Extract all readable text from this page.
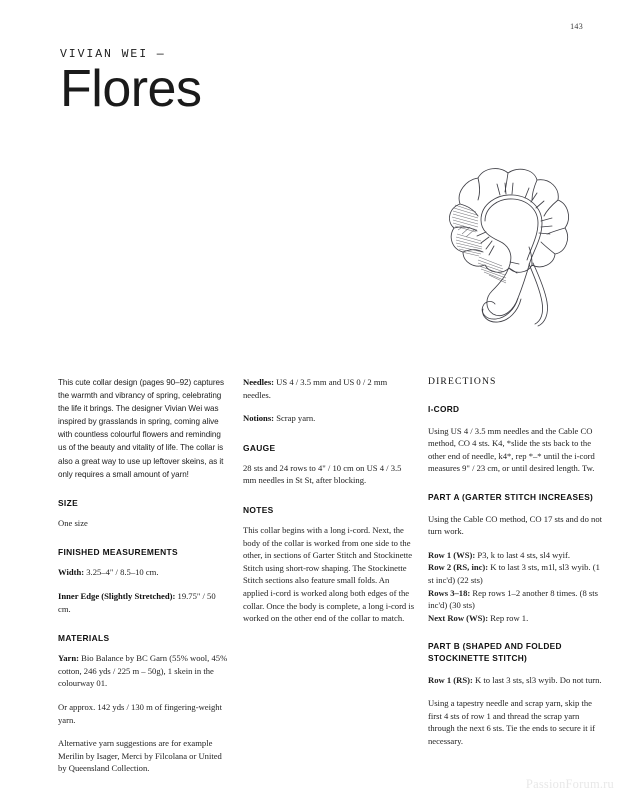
143

VIVIAN WEI —

Flores

This cute collar design (pages 90–92) captures the warmth and vibrancy of spring, celebrating the life it brings. The designer Vivian Wei was inspired by grasslands in spring, coming alive with countless colourful flowers and reminding us of the beauty and vitality of life. The collar is also a great way to use up leftover skeins, as it only requires a small amount of yarn!

SIZE

One size

FINISHED MEASUREMENTS

Width: 3.25–4" / 8.5–10 cm.

Inner Edge (Slightly Stretched): 19.75" / 50 cm.

MATERIALS

Yarn: Bio Balance by BC Garn (55% wool, 45% cotton, 246 yds / 225 m – 50g), 1 skein in the colourway 01.

Or approx. 142 yds / 130 m of fingering-weight yarn.

Alternative yarn suggestions are for example Merilin by Isager, Merci by Filcolana or United by Queensland Collection.

Needles: US 4 / 3.5 mm and US 0 / 2 mm needles.

Notions: Scrap yarn.

GAUGE

28 sts and 24 rows to 4" / 10 cm on US 4 / 3.5 mm needles in St St, after blocking.

NOTES

This collar begins with a long i-cord. Next, the body of the collar is worked from one side to the other, in sections of Garter Stitch and Stockinette Stitch using short-row shaping. The Stockinette Stitch sections also feature small folds. An applied i-cord is worked along both edges of the collar. Once the body is complete, a long i-cord is worked on the other end of the collar to match.

DIRECTIONS
I-CORD

Using US 4 / 3.5 mm needles and the Cable CO method, CO 4 sts. K4, *slide the sts back to the other end of needle, k4*, rep *–* until the i-cord measures 9" / 23 cm, or until desired length. Tw.

PART A (GARTER STITCH INCREASES)

Using the Cable CO method, CO 17 sts and do not turn work.

Row 1 (WS): P3, k to last 4 sts, sl4 wyif.
Row 2 (RS, inc): K to last 3 sts, m1l, sl3 wyib. (1 st inc'd) (22 sts)
Rows 3–18: Rep rows 1–2 another 8 times. (8 sts inc'd) (30 sts)
Next Row (WS): Rep row 1.
PART B (SHAPED AND FOLDED STOCKINETTE STITCH)
Row 1 (RS): K to last 3 sts, sl3 wyib. Do not turn.

Using a tapestry needle and scrap yarn, skip the first 4 sts of row 1 and thread the scrap yarn through the next 6 sts. Tie the ends to secure it if necessary.

PassionForum.ru
